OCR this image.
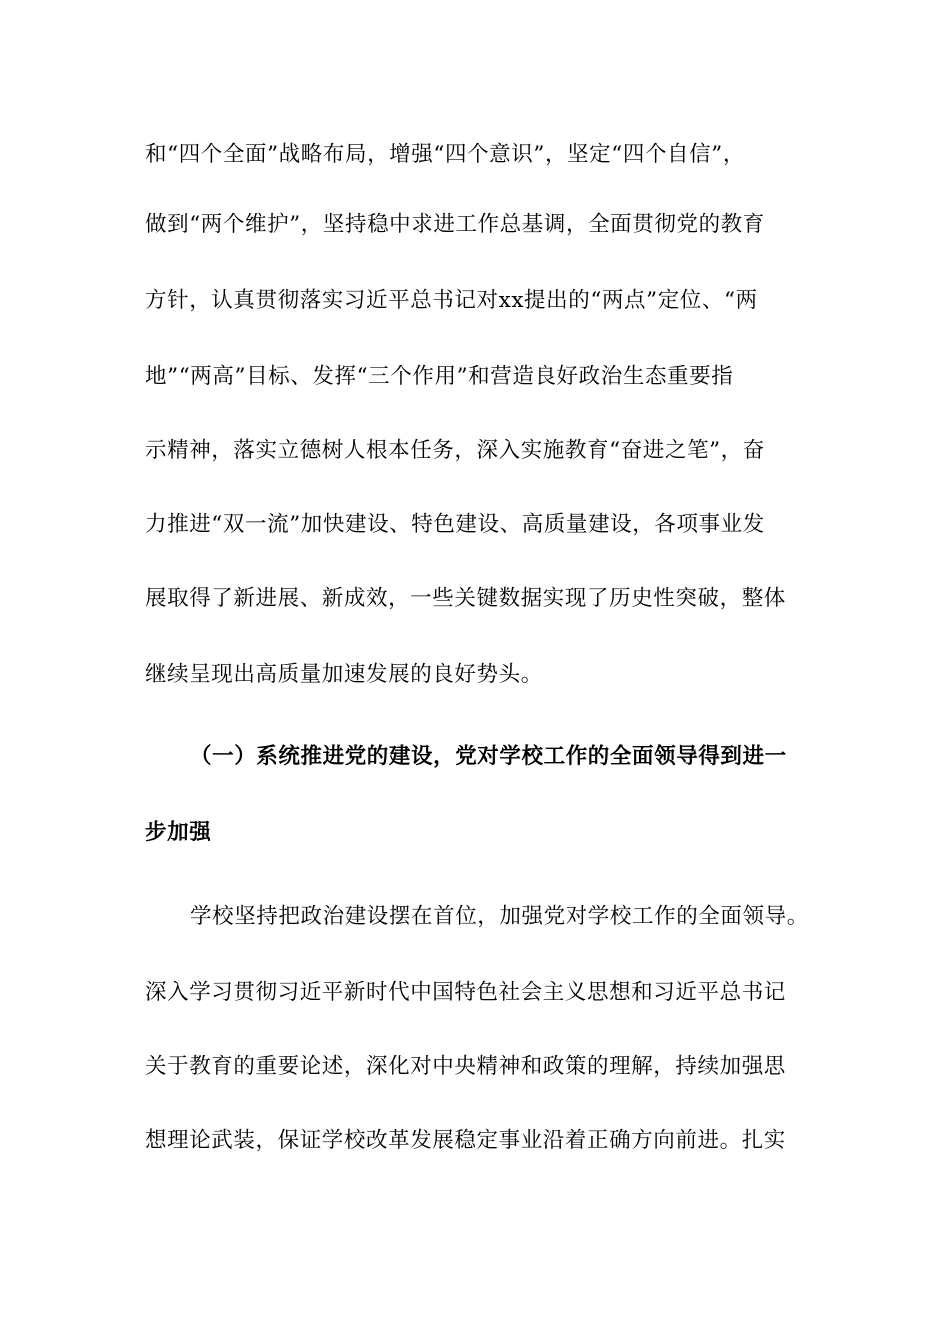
和“四个全面”战略布局，增强“四个意识”，坚定“四个自信”，
做到“两个维护”，坚持稳中求进工作总基调，全面贯彻党的教育
方针，认真贯彻落实习近平总书记对xx提出的“两点”定位、“两
地”“两高”目标、发挥“三个作用”和营造良好政治生态重要指
示精神，落实立德树人根本任务，深入实施教育“奋进之笔”，奋
力推进“双一流”加快建设、特色建设、高质量建设，各项事业发
展取得了新进展、新成效，一些关键数据实现了历史性突破，整体
继续呈现出高质量加速发展的良好势头。
（一）系统推进党的建设，党对学校工作的全面领导得到进一
步加强
学校坚持把政治建设摆在首位，加强党对学校工作的全面领导。
深入学习贯彻习近平新时代中国特色社会主义思想和习近平总书记
关于教育的重要论述，深化对中央精神和政策的理解，持续加强思
想理论武装，保证学校改革发展稳定事业沿着正确方向前进。扎实
